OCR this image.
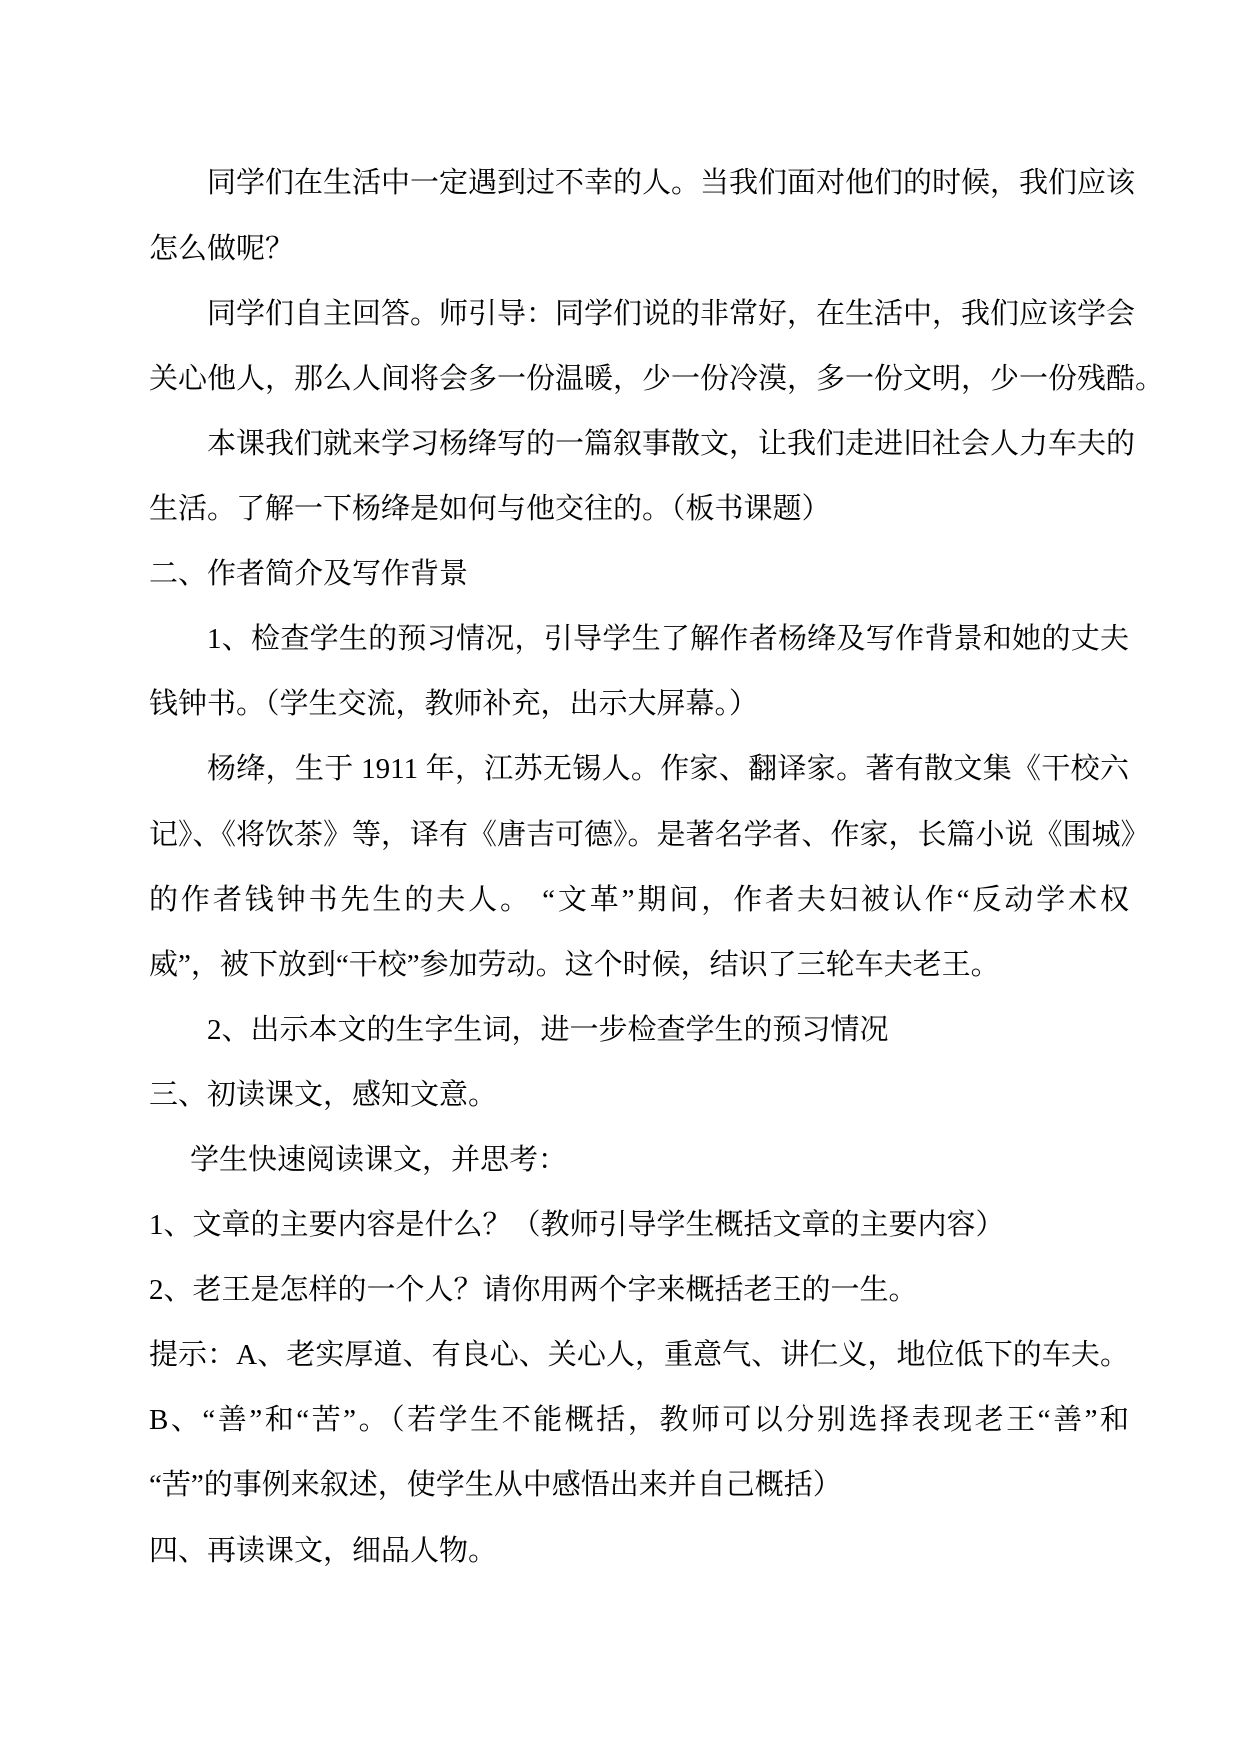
同学们在生活中一定遇到过不幸的人。当我们面对他们的时候，我们应该
怎么做呢？
同学们自主回答。师引导：同学们说的非常好，在生活中，我们应该学会
关心他人，那么人间将会多一份温暖，少一份冷漠，多一份文明，少一份残酷。
本课我们就来学习杨绛写的一篇叙事散文，让我们走进旧社会人力车夫的
生活。了解一下杨绛是如何与他交往的。（板书课题）
二、作者简介及写作背景
1、检查学生的预习情况，引导学生了解作者杨绛及写作背景和她的丈夫
钱钟书。（学生交流，教师补充，出示大屏幕。）
杨绛，生于 1911 年，江苏无锡人。作家、翻译家。著有散文集《干校六
记》、《将饮茶》等，译有《唐吉可德》。是著名学者、作家，长篇小说《围城》
的作者钱钟书先生的夫人。 “文革”期间，作者夫妇被认作“反动学术权
威”，被下放到“干校”参加劳动。这个时候，结识了三轮车夫老王。
2、出示本文的生字生词，进一步检查学生的预习情况
三、初读课文，感知文意。
学生快速阅读课文，并思考：
1、文章的主要内容是什么？（教师引导学生概括文章的主要内容）
2、老王是怎样的一个人？请你用两个字来概括老王的一生。
提示：A、老实厚道、有良心、关心人，重意气、讲仁义，地位低下的车夫。
B、“善”和“苦”。（若学生不能概括，教师可以分别选择表现老王“善”和
“苦”的事例来叙述，使学生从中感悟出来并自己概括）
四、再读课文，细品人物。
